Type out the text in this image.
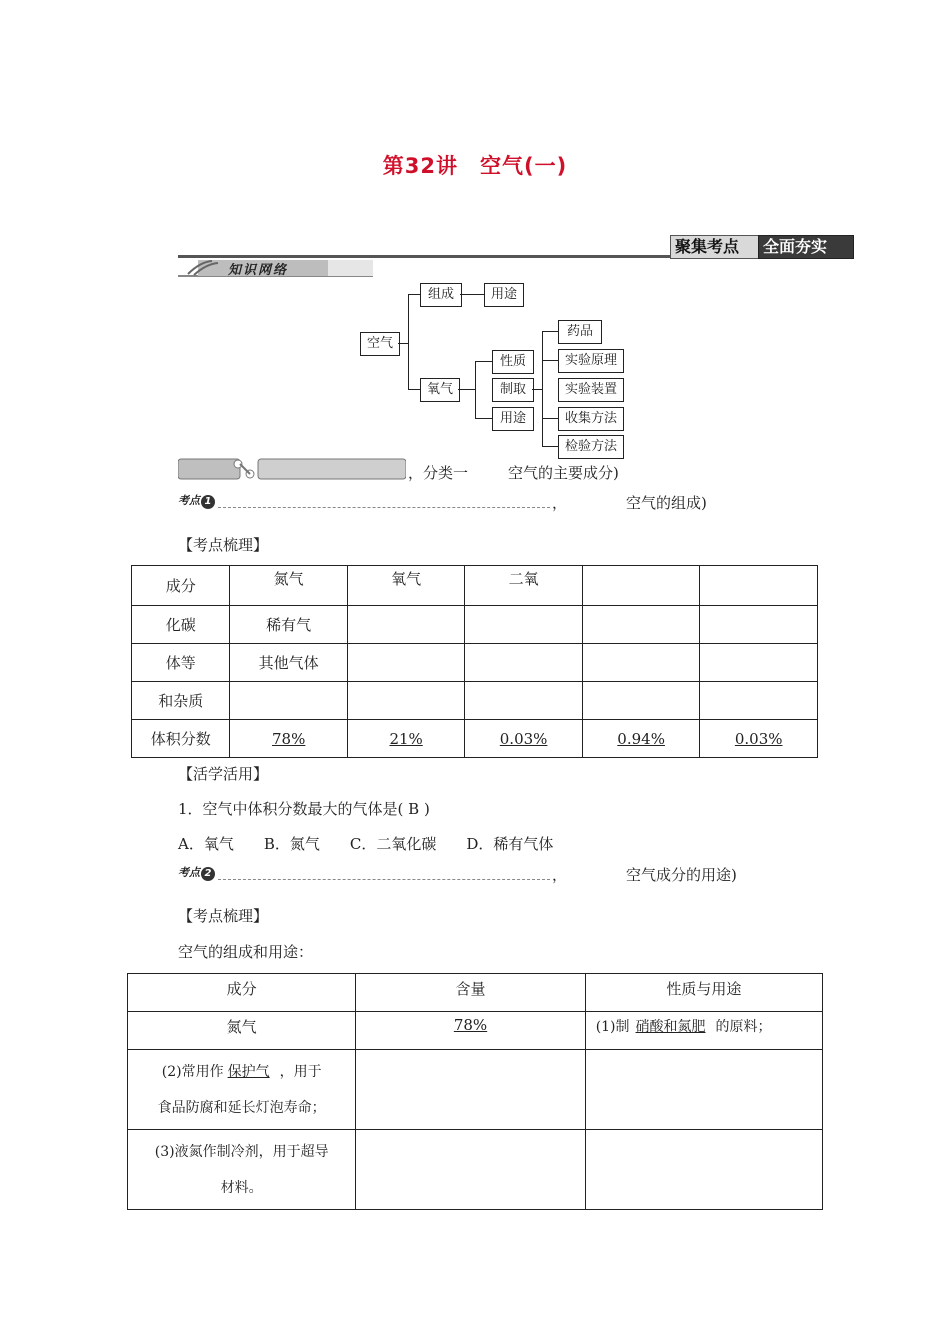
第32讲　空气(一)
聚集考点	全面夯实
知识网络
空气
组成	用途
氧气
性质
制取
用途
药品
实验原理
实验装置
收集方法
检验方法
，分类一	空气的主要成分)
考点 1	，	空气的组成)
【考点梳理】
成分	氮气	氧气	二氧		
化碳	稀有气				
体等	其他气体				
和杂质					
体积分数	78%	21%	0.03%	0.94%	0.03%
【活学活用】
1．空气中体积分数最大的气体是( B )
A．氧气　　B．氮气　　C．二氧化碳　　D．稀有气体
考点 2	，	空气成分的用途)
【考点梳理】
空气的组成和用途：
成分	含量	性质与用途
氮气	78%	(1)制 硝酸和氮肥 的原料；

(2)常用作 保护气 ，用于
食品防腐和延长灯泡寿命；		

(3)液氮作制冷剂，用于超导
材料。		
